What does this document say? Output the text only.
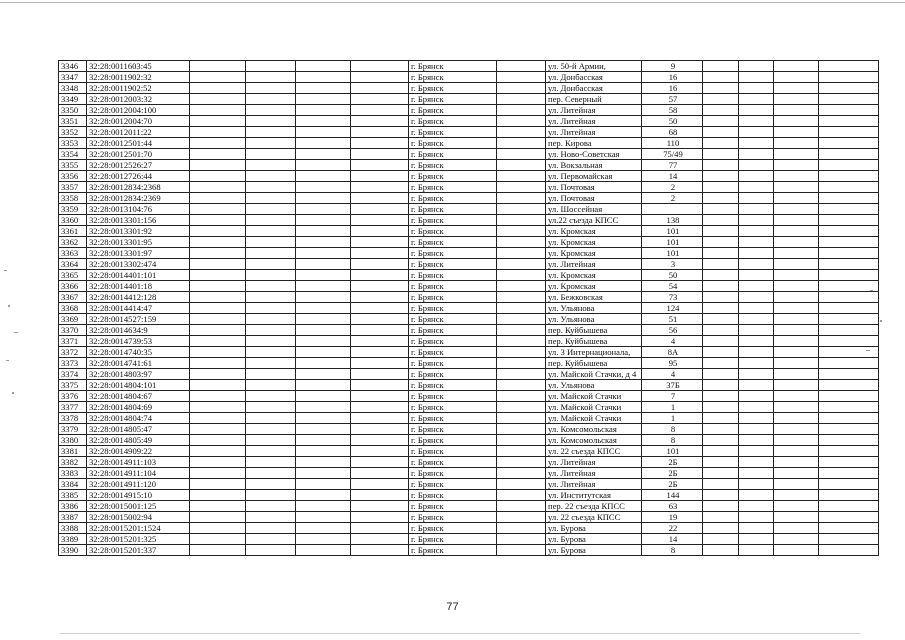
3346	32:28:0011603:45					г. Брянск		ул. 50-й Армии,	9				
3347	32:28:0011902:32					г. Брянск		ул. Донбасская	16				
3348	32:28:0011902:52					г. Брянск		ул. Донбасская	16				
3349	32:28:0012003:32					г. Брянск		пер. Северный	57				
3350	32:28:0012004:100					г. Брянск		ул. Литейная	58				
3351	32:28:0012004:70					г. Брянск		ул. Литейная	50				
3352	32:28:0012011:22					г. Брянск		ул. Литейная	68				
3353	32:28:0012501:44					г. Брянск		пер. Кирова	110				
3354	32:28:0012501:70					г. Брянск		ул. Ново-Советская	75/49				
3355	32:28:0012526:27					г. Брянск		ул. Вокзальная	77				
3356	32:28:0012726:44					г. Брянск		ул. Первомайская	14				
3357	32:28:0012834:2368					г. Брянск		ул. Почтовая	2				
3358	32:28:0012834:2369					г. Брянск		ул. Почтовая	2				
3359	32:28:0013104:76					г. Брянск		ул. Шоссейная					
3360	32:28:0013301:156					г. Брянск		ул.22 съезда КПСС	138				
3361	32:28:0013301:92					г. Брянск		ул. Кромская	101				
3362	32:28:0013301:95					г. Брянск		ул. Кромская	101				
3363	32:28:0013301:97					г. Брянск		ул. Кромская	101				
3364	32:28:0013302:474					г. Брянск		ул. Литейная	3				
3365	32:28:0014401:101					г. Брянск		ул. Кромская	50				
3366	32:28:0014401:18					г. Брянск		ул. Кромская	54				
3367	32:28:0014412:128					г. Брянск		ул. Бежковская	73				
3368	32:28:0014414:47					г. Брянск		ул. Ульянова	124				
3369	32:28:0014527:159					г. Брянск		ул. Ульянова	51				
3370	32:28:0014634:9					г. Брянск		пер. Куйбышева	56				
3371	32:28:0014739:53					г. Брянск		пер. Куйбышева	4				
3372	32:28:0014740:35					г. Брянск		ул. 3 Интернационала,	8А				
3373	32:28:0014741:61					г. Брянск		пер. Куйбышева	95				
3374	32:28:0014803:97					г. Брянск		ул. Майской Стачки, д 4	4				
3375	32:28:0014804:101					г. Брянск		ул. Ульянова	37Б				
3376	32:28:0014804:67					г. Брянск		ул. Майской Стачки	7				
3377	32:28:0014804:69					г. Брянск		ул. Майской Стачки	1				
3378	32:28:0014804:74					г. Брянск		ул. Майской Стачки	1				
3379	32:28:0014805:47					г. Брянск		ул. Комсомольская	8				
3380	32:28:0014805:49					г. Брянск		ул. Комсомольская	8				
3381	32:28:0014909:22					г. Брянск		ул. 22 съезда КПСС	101				
3382	32:28:0014911:103					г. Брянск		ул. Литейная	2Б				
3383	32:28:0014911:104					г. Брянск		ул. Литейная	2Б				
3384	32:28:0014911:120					г. Брянск		ул. Литейная	2Б				
3385	32:28:0014915:10					г. Брянск		ул. Институтская	144				
3386	32:28:0015001:125					г. Брянск		пер. 22 съезда КПСС	63				
3387	32:28:0015002:94					г. Брянск		ул. 22 съезда КПСС	19				
3388	32:28:0015201:1524					г. Брянск		ул. Бурова	22				
3389	32:28:0015201:325					г. Брянск		ул. Бурова	14				
3390	32:28:0015201:337					г. Брянск		ул. Бурова	8				
77
